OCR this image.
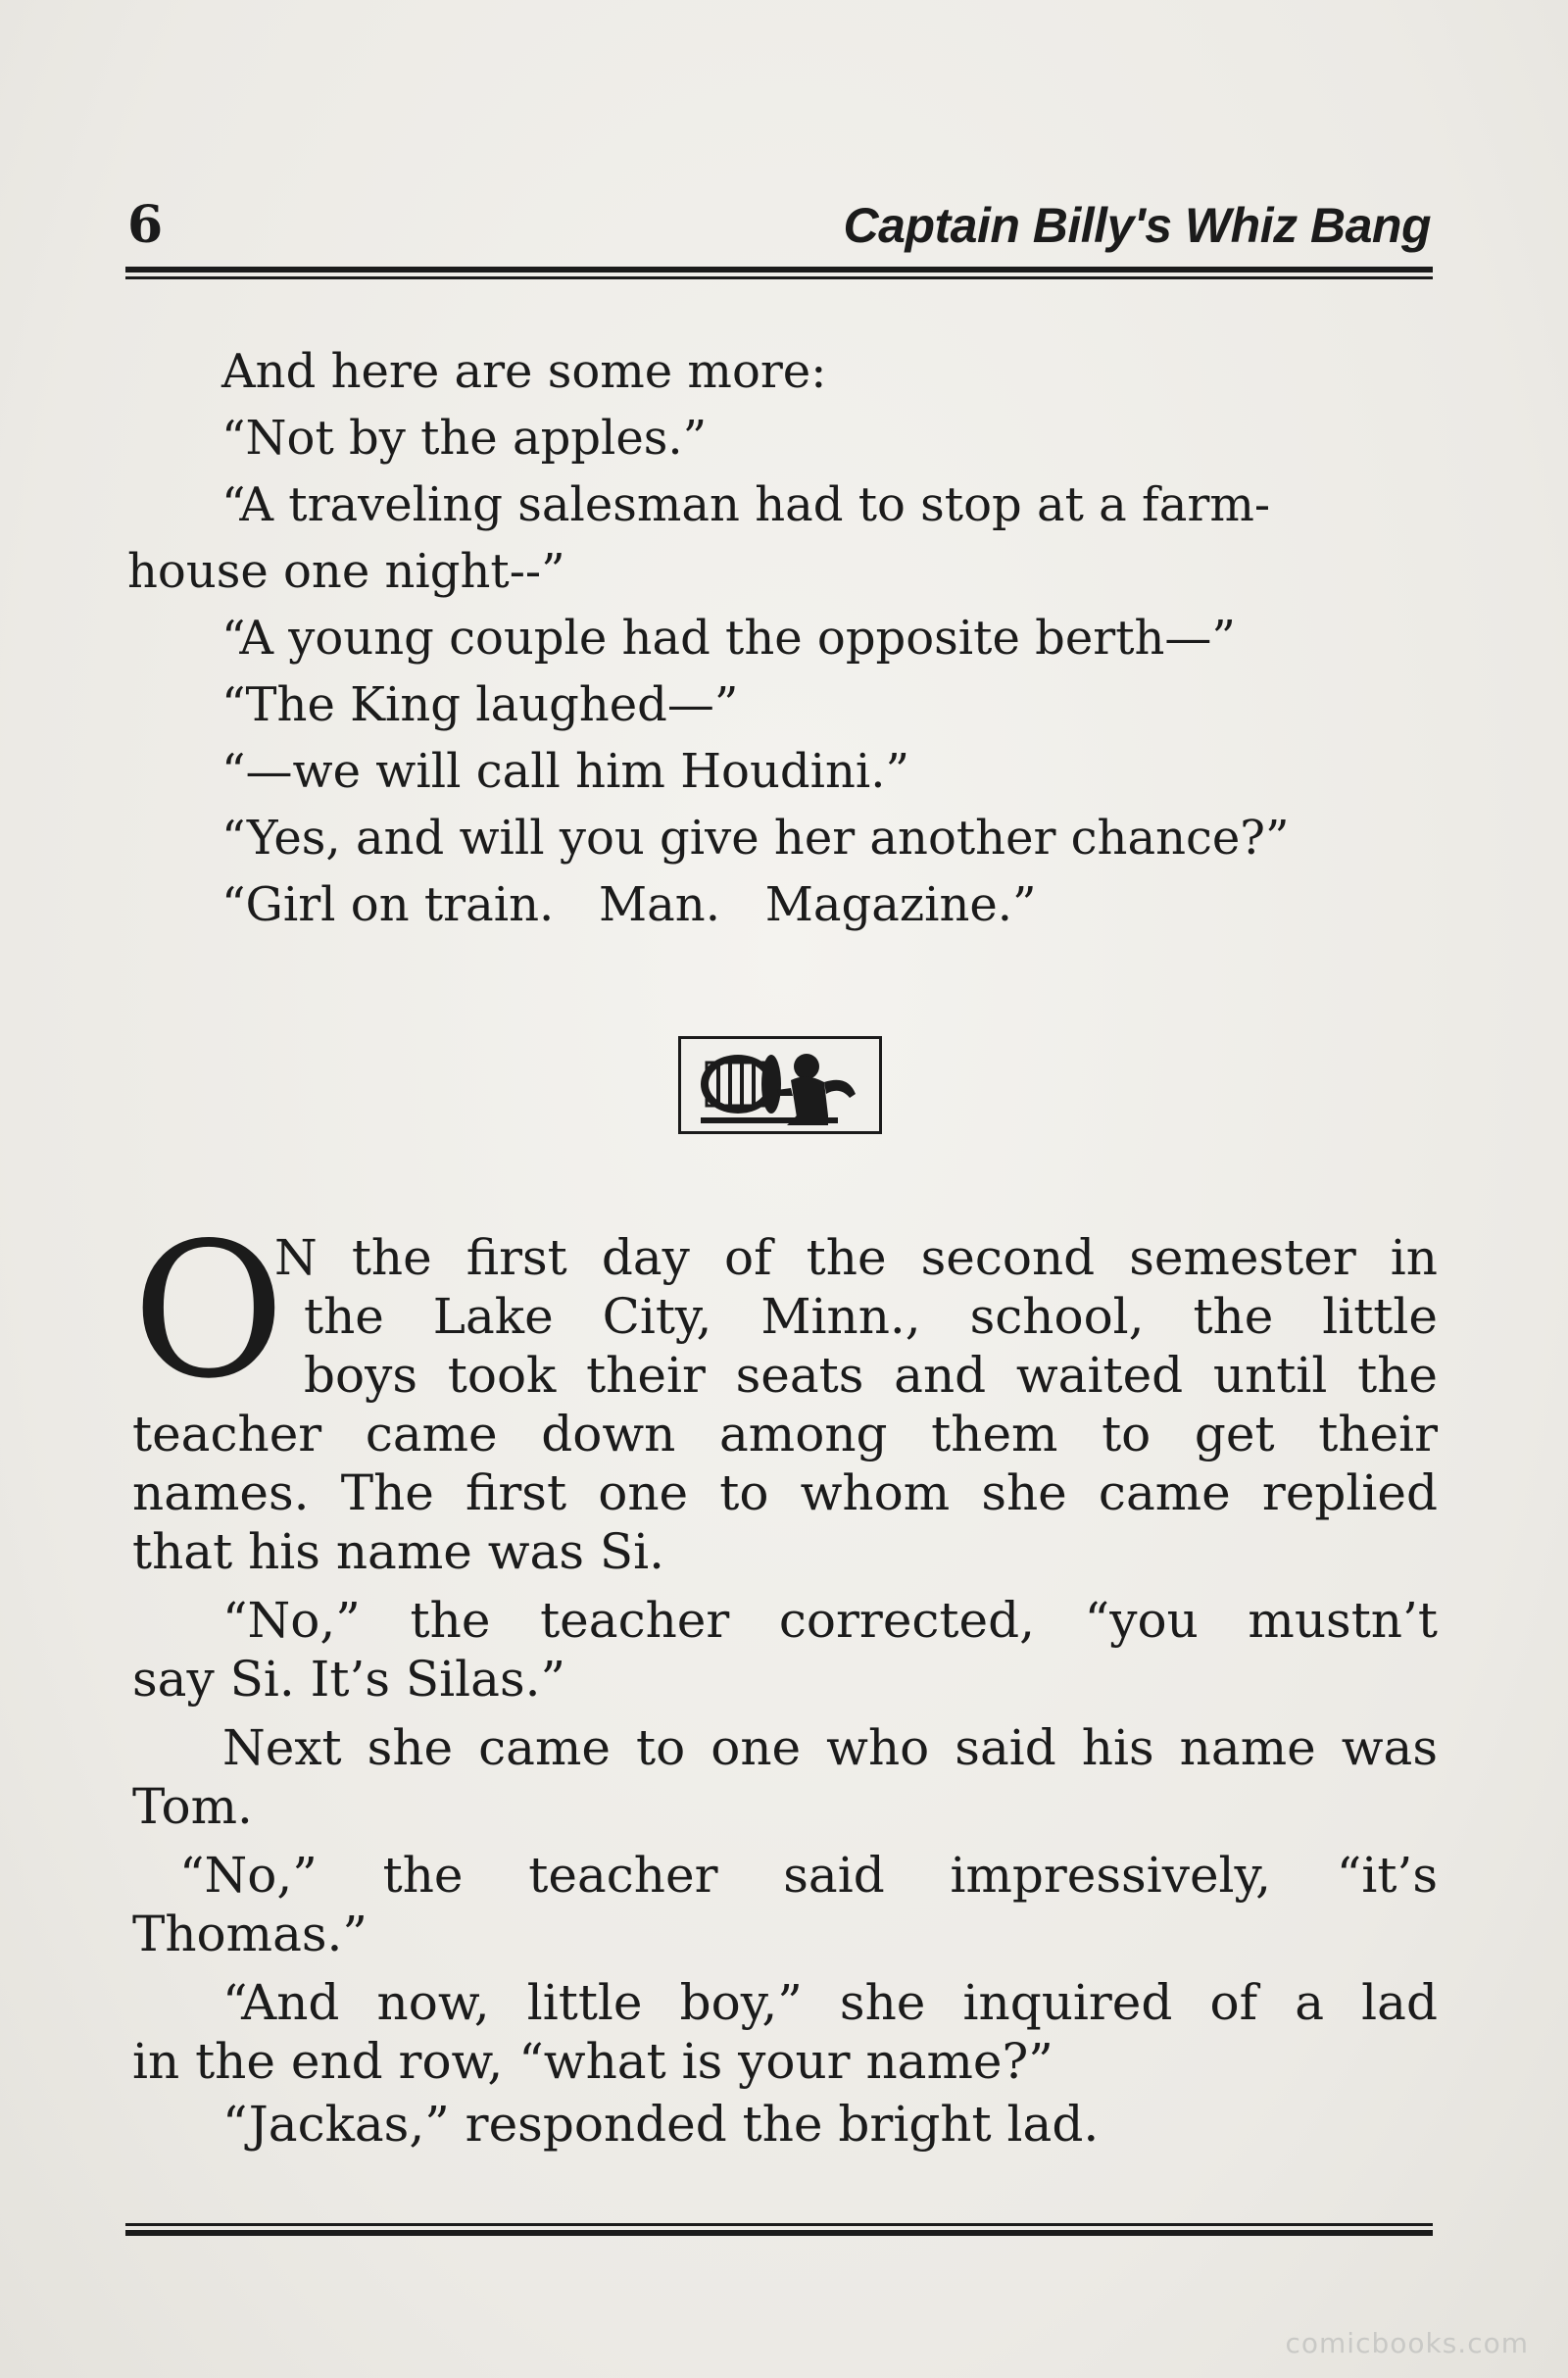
6	Captain Billy's Whiz Bang
And here are some more:
“Not by the apples.”
“A traveling salesman had to stop at a farm-
house one night--”
“A young couple had the opposite berth—”
“The King laughed—”
“—we will call him Houdini.”
“Yes, and will you give her another chance?”
“Girl on train.   Man.   Magazine.”
O
N the first day of the second semester in
the Lake City, Minn., school, the little
boys took their seats and waited until the
teacher came down among them to get their
names. The first one to whom she came replied
that his name was Si.
“No,” the teacher corrected, “you mustn’t
say Si. It’s Silas.”
Next she came to one who said his name was
Tom.
“No,” the teacher said impressively, “it’s
Thomas.”
“And now, little boy,” she inquired of a lad
in the end row, “what is your name?”
“Jackas,” responded the bright lad.
comicbooks.com
